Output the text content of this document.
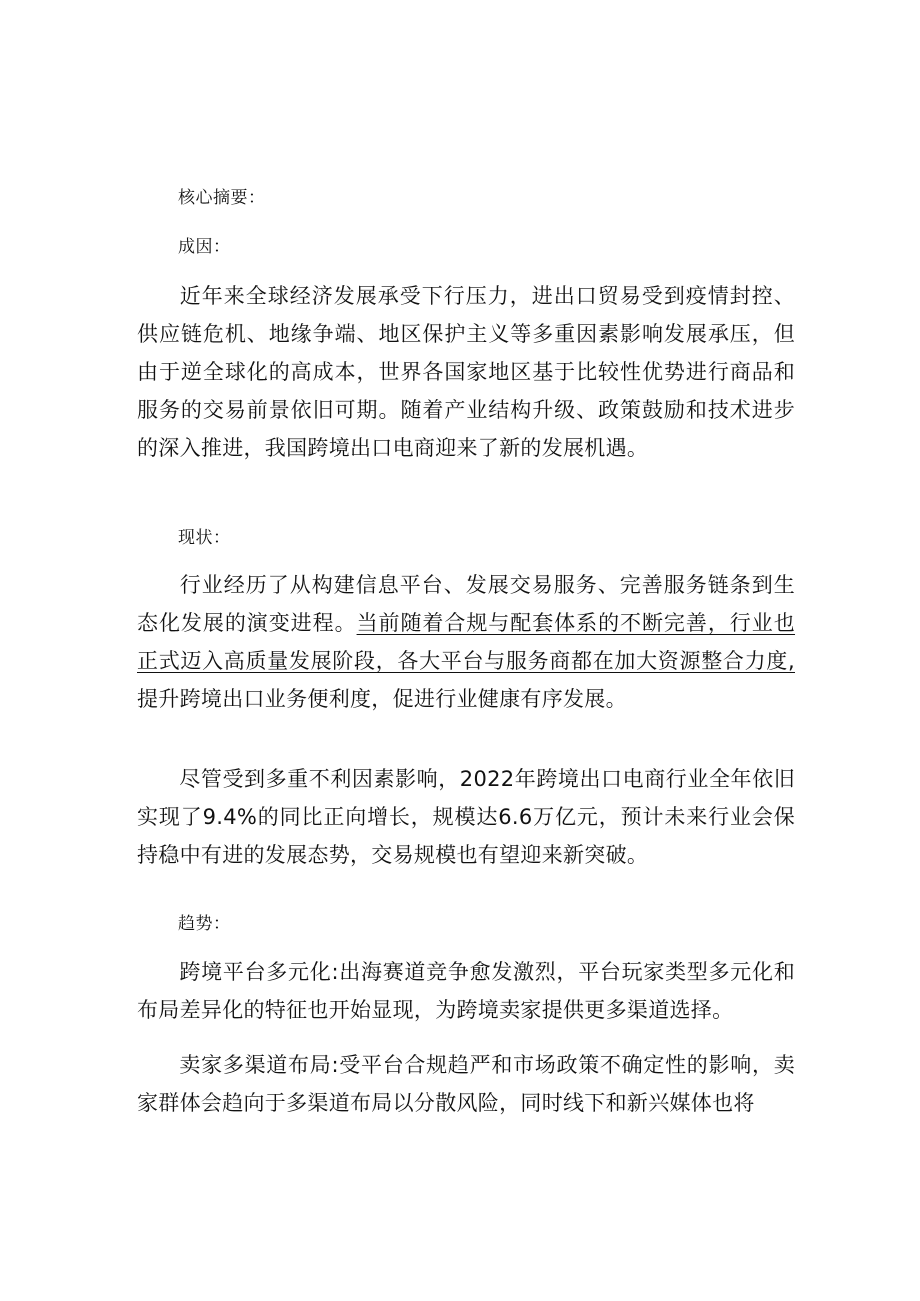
核心摘要：
成因：
近年来全球经济发展承受下行压力，进出口贸易受到疫情封控、供应链危机、地缘争端、地区保护主义等多重因素影响发展承压，但由于逆全球化的高成本，世界各国家地区基于比较性优势进行商品和服务的交易前景依旧可期。随着产业结构升级、政策鼓励和技术进步的深入推进，我国跨境出口电商迎来了新的发展机遇。
现状：
行业经历了从构建信息平台、发展交易服务、完善服务链条到生态化发展的演变进程。当前随着合规与配套体系的不断完善，行业也正式迈入高质量发展阶段，各大平台与服务商都在加大资源整合力度,提升跨境出口业务便利度，促进行业健康有序发展。
尽管受到多重不利因素影响，2022年跨境出口电商行业全年依旧实现了9.4%的同比正向增长，规模达6.6万亿元，预计未来行业会保持稳中有进的发展态势，交易规模也有望迎来新突破。
趋势：
跨境平台多元化:出海赛道竞争愈发激烈，平台玩家类型多元化和布局差异化的特征也开始显现，为跨境卖家提供更多渠道选择。
卖家多渠道布局:受平台合规趋严和市场政策不确定性的影响，卖家群体会趋向于多渠道布局以分散风险，同时线下和新兴媒体也将
